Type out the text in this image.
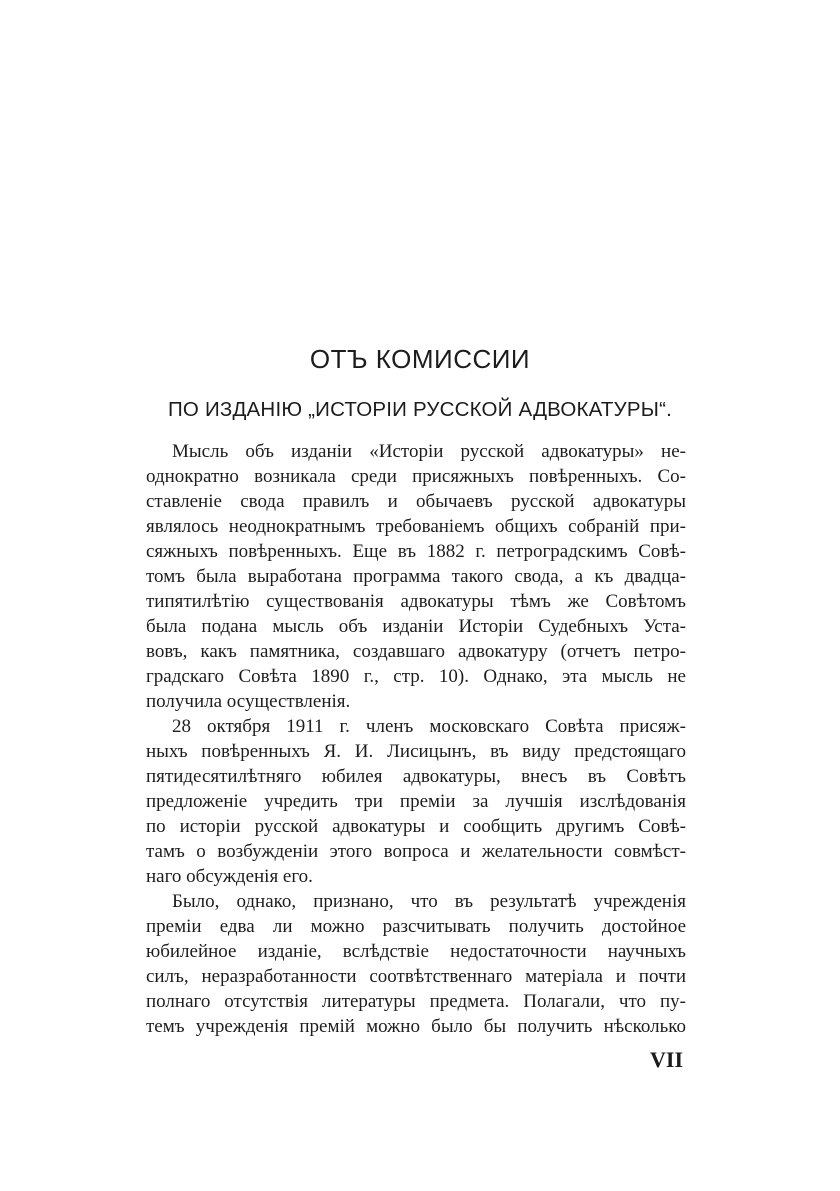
ОТЪ КОМИССИИ
ПО ИЗДАНІЮ „ИСТОРІИ РУССКОЙ АДВОКАТУРЫ“.
Мысль объ изданіи «Исторіи русской адвокатуры» не-
однократно возникала среди присяжныхъ повѣренныхъ. Со-
ставленіе свода правилъ и обычаевъ русской адвокатуры
являлось неоднократнымъ требованіемъ общихъ собраній при-
сяжныхъ повѣренныхъ. Еще въ 1882 г. петроградскимъ Совѣ-
томъ была выработана программа такого свода, а къ двадца-
типятилѣтію существованія адвокатуры тѣмъ же Совѣтомъ
была подана мысль объ изданіи Исторіи Судебныхъ Уста-
вовъ, какъ памятника, создавшаго адвокатуру (отчетъ петро-
градскаго Совѣта 1890 г., стр. 10). Однако, эта мысль не
получила осуществленія.
28 октября 1911 г. членъ московскаго Совѣта присяж-
ныхъ повѣренныхъ Я. И. Лисицынъ, въ виду предстоящаго
пятидесятилѣтняго юбилея адвокатуры, внесъ въ Совѣтъ
предложеніе учредить три преміи за лучшія изслѣдованія
по исторіи русской адвокатуры и сообщить другимъ Совѣ-
тамъ о возбужденіи этого вопроса и желательности совмѣст-
наго обсужденія его.
Было, однако, признано, что въ результатѣ учрежденія
преміи едва ли можно разсчитывать получить достойное
юбилейное изданіе, вслѣдствіе недостаточности научныхъ
силъ, неразработанности соотвѣтственнаго матеріала и почти
полнаго отсутствія литературы предмета. Полагали, что пу-
темъ учрежденія премій можно было бы получить нѣсколько
VII
